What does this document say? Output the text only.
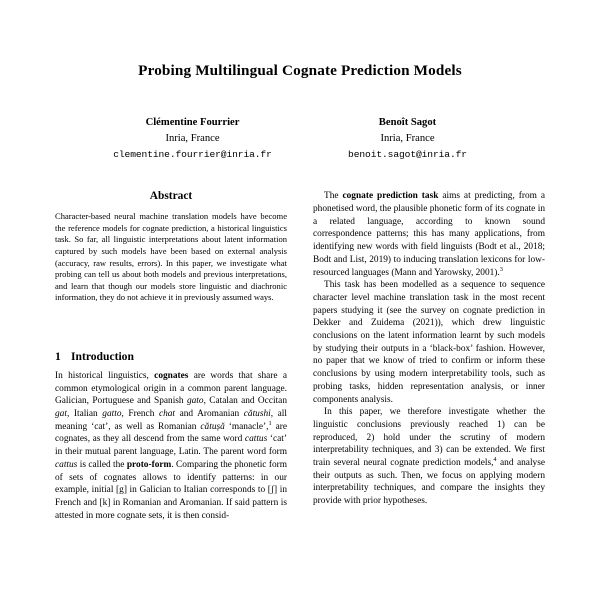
Probing Multilingual Cognate Prediction Models
Clémentine Fourrier
Inria, France
clementine.fourrier@inria.fr
Benoît Sagot
Inria, France
benoit.sagot@inria.fr
Abstract

Character-based neural machine translation models have become the reference models for cognate prediction, a historical linguistics task. So far, all linguistic interpretations about latent information captured by such models have been based on external analysis (accuracy, raw results, errors). In this paper, we investigate what probing can tell us about both models and previous interpretations, and learn that though our models store linguistic and diachronic information, they do not achieve it in previously assumed ways.

1 Introduction

In historical linguistics, cognates are words that share a common etymological origin in a common parent language. Galician, Portuguese and Spanish gato, Catalan and Occitan gat, Italian gatto, French chat and Aromanian cătushi, all meaning ‘cat’, as well as Romanian cătușă ‘manacle’,$^1$ are cognates, as they all descend from the same word cattus ‘cat’ in their mutual parent language, Latin. The parent word form cattus is called the proto-form. Comparing the phonetic form of sets of cognates allows to identify patterns: in our example, initial [g] in Galician to Italian corresponds to [ʃ] in French and [k] in Romanian and Aromanian. If said pattern is attested in more cognate sets, it is then consid-

The cognate prediction task aims at predicting, from a phonetised word, the plausible phonetic form of its cognate in a related language, according to known sound correspondence patterns; this has many applications, from identifying new words with field linguists (Bodt et al., 2018; Bodt and List, 2019) to inducing translation lexicons for low-resourced languages (Mann and Yarowsky, 2001).$^3$

This task has been modelled as a sequence to sequence character level machine translation task in the most recent papers studying it (see the survey on cognate prediction in Dekker and Zuidema (2021)), which drew linguistic conclusions on the latent information learnt by such models by studying their outputs in a ‘black-box’ fashion. However, no paper that we know of tried to confirm or inform these conclusions by using modern interpretability tools, such as probing tasks, hidden representation analysis, or inner components analysis.

In this paper, we therefore investigate whether the linguistic conclusions previously reached 1) can be reproduced, 2) hold under the scrutiny of modern interpretability techniques, and 3) can be extended. We first train several neural cognate prediction models,$^4$ and analyse their outputs as such. Then, we focus on applying modern interpretability techniques, and compare the insights they provide with prior hypotheses.
